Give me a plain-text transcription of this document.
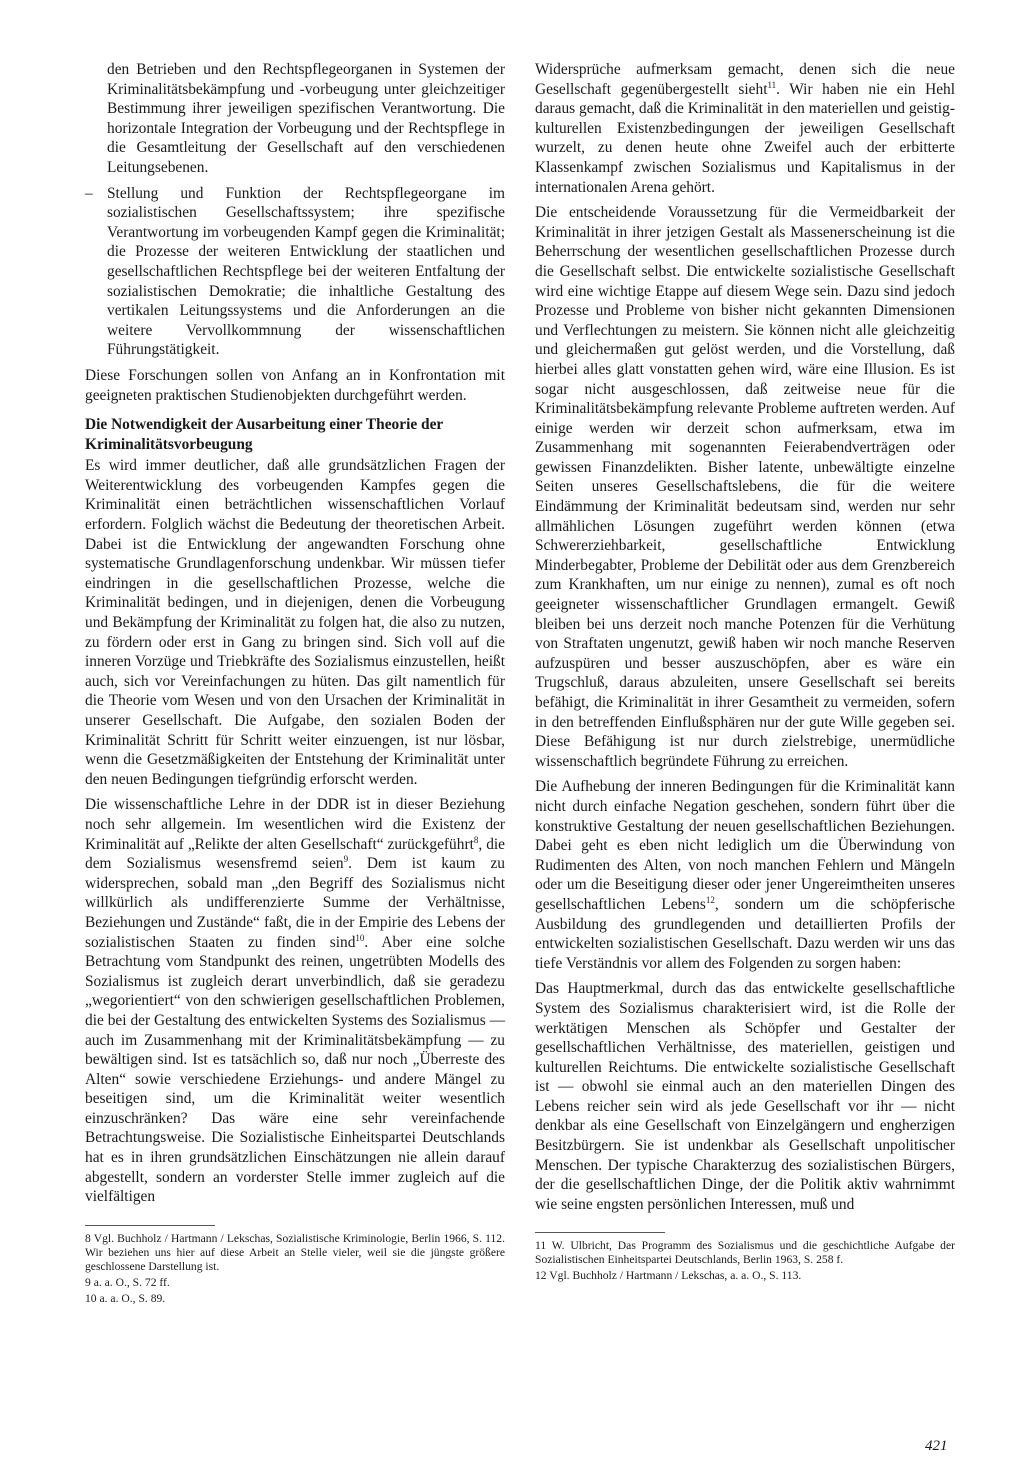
den Betrieben und den Rechtspflegeorganen in Systemen der Kriminalitätsbekämpfung und -vorbeugung unter gleichzeitiger Bestimmung ihrer jeweiligen spezifischen Verantwortung. Die horizontale Integration der Vorbeugung und der Rechtspflege in die Gesamtleitung der Gesellschaft auf den verschiedenen Leitungsebenen.

– Stellung und Funktion der Rechtspflegeorgane im sozialistischen Gesellschaftssystem; ihre spezifische Verantwortung im vorbeugenden Kampf gegen die Kriminalität; die Prozesse der weiteren Entwicklung der staatlichen und gesellschaftlichen Rechtspflege bei der weiteren Entfaltung der sozialistischen Demokratie; die inhaltliche Gestaltung des vertikalen Leitungssystems und die Anforderungen an die weitere Vervollkommnung der wissenschaftlichen Führungstätigkeit.

Diese Forschungen sollen von Anfang an in Konfrontation mit geeigneten praktischen Studienobjekten durchgeführt werden.

Die Notwendigkeit der Ausarbeitung einer Theorie der Kriminalitätsvorbeugung

Es wird immer deutlicher, daß alle grundsätzlichen Fragen der Weiterentwicklung des vorbeugenden Kampfes gegen die Kriminalität einen beträchtlichen wissenschaftlichen Vorlauf erfordern. Folglich wächst die Bedeutung der theoretischen Arbeit. Dabei ist die Entwicklung der angewandten Forschung ohne systematische Grundlagenforschung undenkbar. Wir müssen tiefer eindringen in die gesellschaftlichen Prozesse, welche die Kriminalität bedingen, und in diejenigen, denen die Vorbeugung und Bekämpfung der Kriminalität zu folgen hat, die also zu nutzen, zu fördern oder erst in Gang zu bringen sind. Sich voll auf die inneren Vorzüge und Triebkräfte des Sozialismus einzustellen, heißt auch, sich vor Vereinfachungen zu hüten. Das gilt namentlich für die Theorie vom Wesen und von den Ursachen der Kriminalität in unserer Gesellschaft. Die Aufgabe, den sozialen Boden der Kriminalität Schritt für Schritt weiter einzuengen, ist nur lösbar, wenn die Gesetzmäßigkeiten der Entstehung der Kriminalität unter den neuen Bedingungen tiefgründig erforscht werden.

Die wissenschaftliche Lehre in der DDR ist in dieser Beziehung noch sehr allgemein. Im wesentlichen wird die Existenz der Kriminalität auf „Relikte der alten Gesellschaft“ zurückgeführt$^8$, die dem Sozialismus wesensfremd seien$^9$. Dem ist kaum zu widersprechen, sobald man „den Begriff des Sozialismus nicht willkürlich als undifferenzierte Summe der Verhältnisse, Beziehungen und Zustände“ faßt, die in der Empirie des Lebens der sozialistischen Staaten zu finden sind$^{10}$. Aber eine solche Betrachtung vom Standpunkt des reinen, ungetrübten Modells des Sozialismus ist zugleich derart unverbindlich, daß sie geradezu „wegorientiert“ von den schwierigen gesellschaftlichen Problemen, die bei der Gestaltung des entwickelten Systems des Sozialismus — auch im Zusammenhang mit der Kriminalitätsbekämpfung — zu bewältigen sind. Ist es tatsächlich so, daß nur noch „Überreste des Alten“ sowie verschiedene Erziehungs- und andere Mängel zu beseitigen sind, um die Kriminalität weiter wesentlich einzuschränken? Das wäre eine sehr vereinfachende Betrachtungsweise. Die Sozialistische Einheitspartei Deutschlands hat es in ihren grundsätzlichen Einschätzungen nie allein darauf abgestellt, sondern an vorderster Stelle immer zugleich auf die vielfältigen

Widersprüche aufmerksam gemacht, denen sich die neue Gesellschaft gegenübergestellt sieht$^{11}$. Wir haben nie ein Hehl daraus gemacht, daß die Kriminalität in den materiellen und geistig-kulturellen Existenzbedingungen der jeweiligen Gesellschaft wurzelt, zu denen heute ohne Zweifel auch der erbitterte Klassenkampf zwischen Sozialismus und Kapitalismus in der internationalen Arena gehört.

Die entscheidende Voraussetzung für die Vermeidbarkeit der Kriminalität in ihrer jetzigen Gestalt als Massenerscheinung ist die Beherrschung der wesentlichen gesellschaftlichen Prozesse durch die Gesellschaft selbst. Die entwickelte sozialistische Gesellschaft wird eine wichtige Etappe auf diesem Wege sein. Dazu sind jedoch Prozesse und Probleme von bisher nicht gekannten Dimensionen und Verflechtungen zu meistern. Sie können nicht alle gleichzeitig und gleichermaßen gut gelöst werden, und die Vorstellung, daß hierbei alles glatt vonstatten gehen wird, wäre eine Illusion. Es ist sogar nicht ausgeschlossen, daß zeitweise neue für die Kriminalitätsbekämpfung relevante Probleme auftreten werden. Auf einige werden wir derzeit schon aufmerksam, etwa im Zusammenhang mit sogenannten Feierabendverträgen oder gewissen Finanzdelikten. Bisher latente, unbewältigte einzelne Seiten unseres Gesellschaftslebens, die für die weitere Eindämmung der Kriminalität bedeutsam sind, werden nur sehr allmählichen Lösungen zugeführt werden können (etwa Schwererziehbarkeit, gesellschaftliche Entwicklung Minderbegabter, Probleme der Debilität oder aus dem Grenzbereich zum Krankhaften, um nur einige zu nennen), zumal es oft noch geeigneter wissenschaftlicher Grundlagen ermangelt. Gewiß bleiben bei uns derzeit noch manche Potenzen für die Verhütung von Straftaten ungenutzt, gewiß haben wir noch manche Reserven aufzuspüren und besser auszuschöpfen, aber es wäre ein Trugschluß, daraus abzuleiten, unsere Gesellschaft sei bereits befähigt, die Kriminalität in ihrer Gesamtheit zu vermeiden, sofern in den betreffenden Einflußsphären nur der gute Wille gegeben sei. Diese Befähigung ist nur durch zielstrebige, unermüdliche wissenschaftlich begründete Führung zu erreichen.

Die Aufhebung der inneren Bedingungen für die Kriminalität kann nicht durch einfache Negation geschehen, sondern führt über die konstruktive Gestaltung der neuen gesellschaftlichen Beziehungen. Dabei geht es eben nicht lediglich um die Überwindung von Rudimenten des Alten, von noch manchen Fehlern und Mängeln oder um die Beseitigung dieser oder jener Ungereimtheiten unseres gesellschaftlichen Lebens$^{12}$, sondern um die schöpferische Ausbildung des grundlegenden und detaillierten Profils der entwickelten sozialistischen Gesellschaft. Dazu werden wir uns das tiefe Verständnis vor allem des Folgenden zu sorgen haben:

Das Hauptmerkmal, durch das das entwickelte gesellschaftliche System des Sozialismus charakterisiert wird, ist die Rolle der werktätigen Menschen als Schöpfer und Gestalter der gesellschaftlichen Verhältnisse, des materiellen, geistigen und kulturellen Reichtums. Die entwickelte sozialistische Gesellschaft ist — obwohl sie einmal auch an den materiellen Dingen des Lebens reicher sein wird als jede Gesellschaft vor ihr — nicht denkbar als eine Gesellschaft von Einzelgängern und engherzigen Besitzbürgern. Sie ist undenkbar als Gesellschaft unpolitischer Menschen. Der typische Charakterzug des sozialistischen Bürgers, der die gesellschaftlichen Dinge, der die Politik aktiv wahrnimmt wie seine engsten persönlichen Interessen, muß und

8 Vgl. Buchholz / Hartmann / Lekschas, Sozialistische Kriminologie, Berlin 1966, S. 112. Wir beziehen uns hier auf diese Arbeit an Stelle vieler, weil sie die jüngste größere geschlossene Darstellung ist.

9 a. a. O., S. 72 ff.

10 a. a. O., S. 89.

11 W. Ulbricht, Das Programm des Sozialismus und die geschichtliche Aufgabe der Sozialistischen Einheitspartei Deutschlands, Berlin 1963, S. 258 f.

12 Vgl. Buchholz / Hartmann / Lekschas, a. a. O., S. 113.

421
